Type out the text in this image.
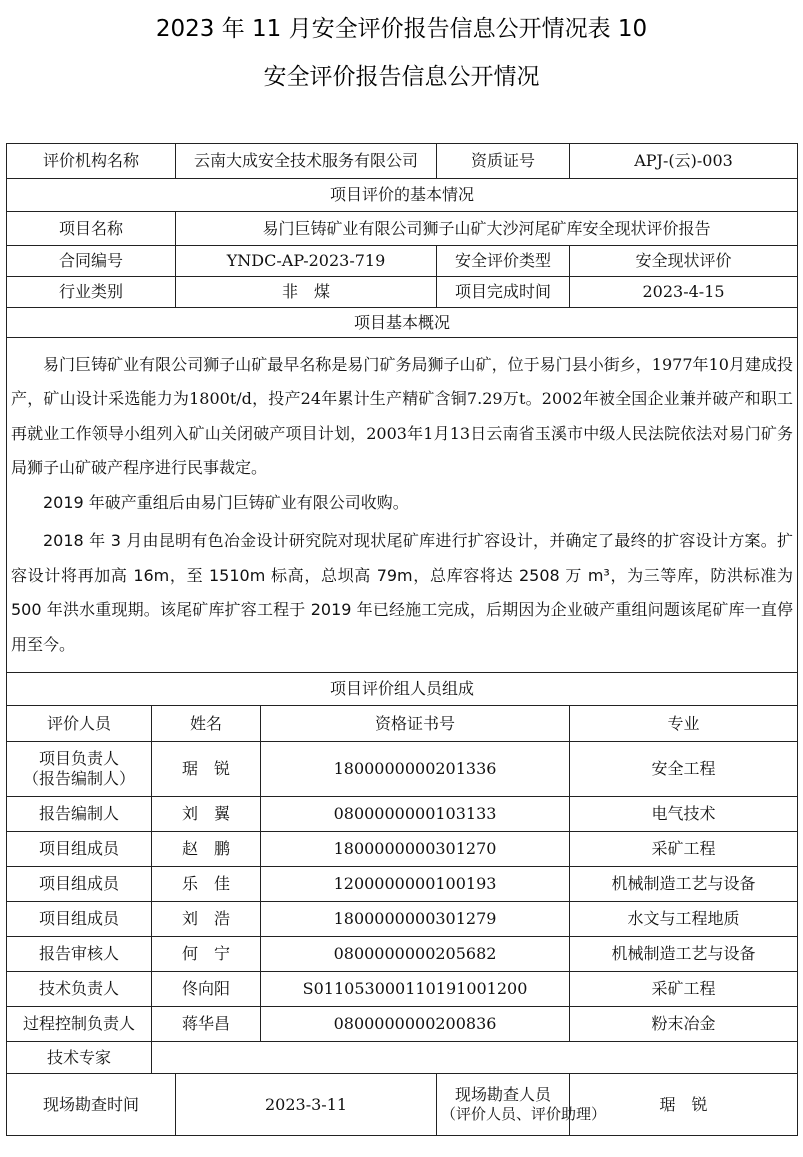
2023 年 11 月安全评价报告信息公开情况表 10
安全评价报告信息公开情况
评价机构名称		云南大成安全技术服务有限公司		资质证号	APJ-(云)-003
项目评价的基本情况					
项目名称		易门巨铸矿业有限公司狮子山矿大沙河尾矿库安全现状评价报告			
合同编号		YNDC-AP-2023-719		安全评价类型	安全现状评价
行业类别		非　煤		项目完成时间	2023-4-15
项目基本概况					

易门巨铸矿业有限公司狮子山矿最早名称是易门矿务局狮子山矿，位于易门县小街乡，1977年10月建成投产，矿山设计采选能力为1800t/d，投产24年累计生产精矿含铜7.29万t。2002年被全国企业兼并破产和职工再就业工作领导小组列入矿山关闭破产项目计划，2003年1月13日云南省玉溪市中级人民法院依法对易门矿务局狮子山矿破产程序进行民事裁定。

2019 年破产重组后由易门巨铸矿业有限公司收购。

2018 年 3 月由昆明有色冶金设计研究院对现状尾矿库进行扩容设计，并确定了最终的扩容设计方案。扩容设计将再加高 16m，至 1510m 标高，总坝高 79m，总库容将达 2508 万 m³，为三等库，防洪标准为 500 年洪水重现期。该尾矿库扩容工程于 2019 年已经施工完成，后期因为企业破产重组问题该尾矿库一直停用至今。					

项目评价组人员组成					
评价人员	姓名		资格证书号		专业

项目负责人
（报告编制人）	琚　锐		1800000000201336		安全工程
报告编制人	刘　翼		0800000000103133		电气技术
项目组成员	赵　鹏		1800000000301270		采矿工程
项目组成员	乐　佳		1200000000100193		机械制造工艺与设备
项目组成员	刘　浩		1800000000301279		水文与工程地质
报告审核人	何　宁		0800000000205682		机械制造工艺与设备
技术负责人	佟向阳		S011053000110191001200		采矿工程
过程控制负责人	蒋华昌		0800000000200836		粉末冶金
技术专家					
现场勘查时间		2023-3-11		现场勘查人员
（评价人员、评价助理）	琚　锐
